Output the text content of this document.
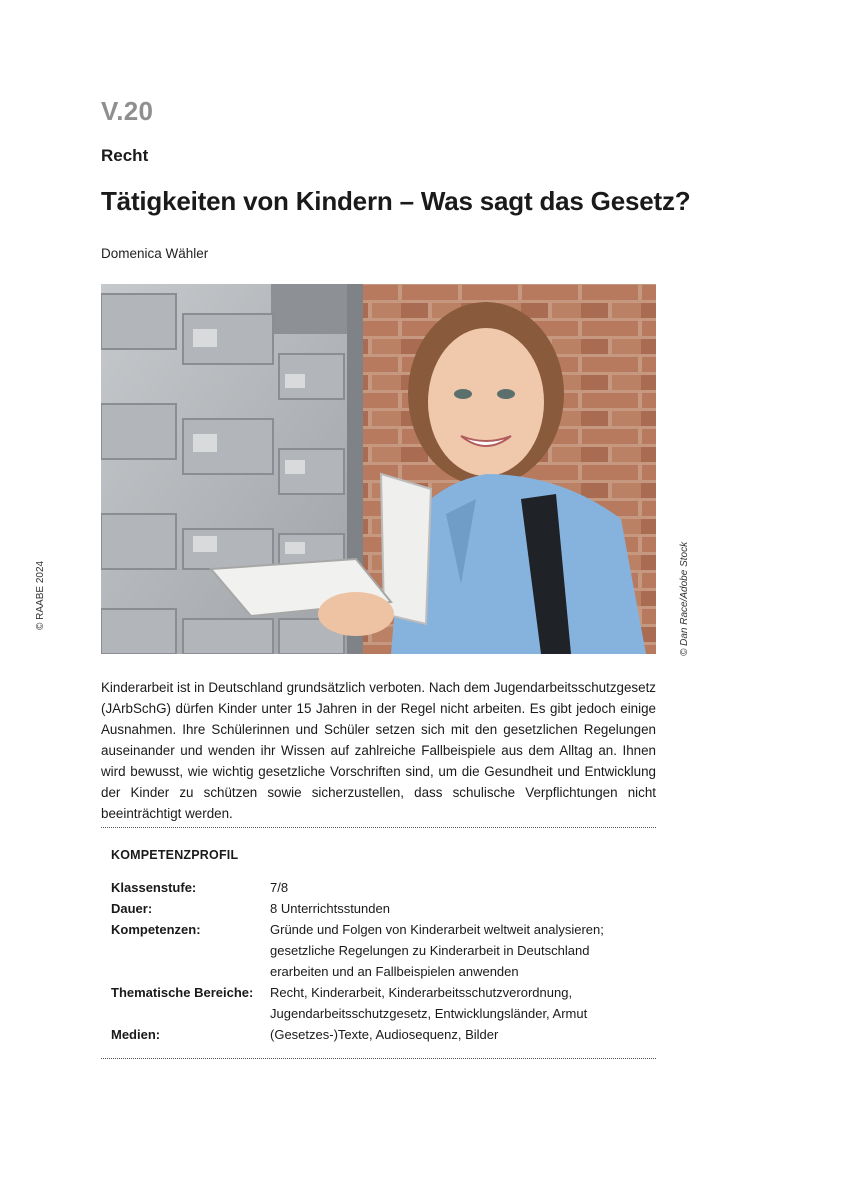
V.20
Recht
Tätigkeiten von Kindern – Was sagt das Gesetz?
Domenica Wähler
© RAABE 2024	© Dan Race/Adobe Stock
Kinderarbeit ist in Deutschland grundsätzlich verboten. Nach dem Jugendarbeitsschutzgesetz (JArbSchG) dürfen Kinder unter 15 Jahren in der Regel nicht arbeiten. Es gibt jedoch einige Ausnahmen. Ihre Schülerinnen und Schüler setzen sich mit den gesetzlichen Regelungen auseinander und wenden ihr Wissen auf zahlreiche Fallbeispiele aus dem Alltag an. Ihnen wird bewusst, wie wichtig gesetzliche Vorschriften sind, um die Gesundheit und Entwicklung der Kinder zu schützen sowie sicherzustellen, dass schulische Verpflichtungen nicht beeinträchtigt werden.
KOMPETENZPROFIL
Klassenstufe:	7/8
Dauer:	8 Unterrichtsstunden
Kompetenzen:	Gründe und Folgen von Kinderarbeit weltweit analysieren; gesetzliche Regelungen zu Kinderarbeit in Deutschland erarbeiten und an Fallbeispielen anwenden
Thematische Bereiche: Recht, Kinderarbeit, Kinderarbeitsschutzverordnung, Jugendarbeitsschutzgesetz, Entwicklungsländer, Armut
Medien:	(Gesetzes-)Texte, Audiosequenz, Bilder
